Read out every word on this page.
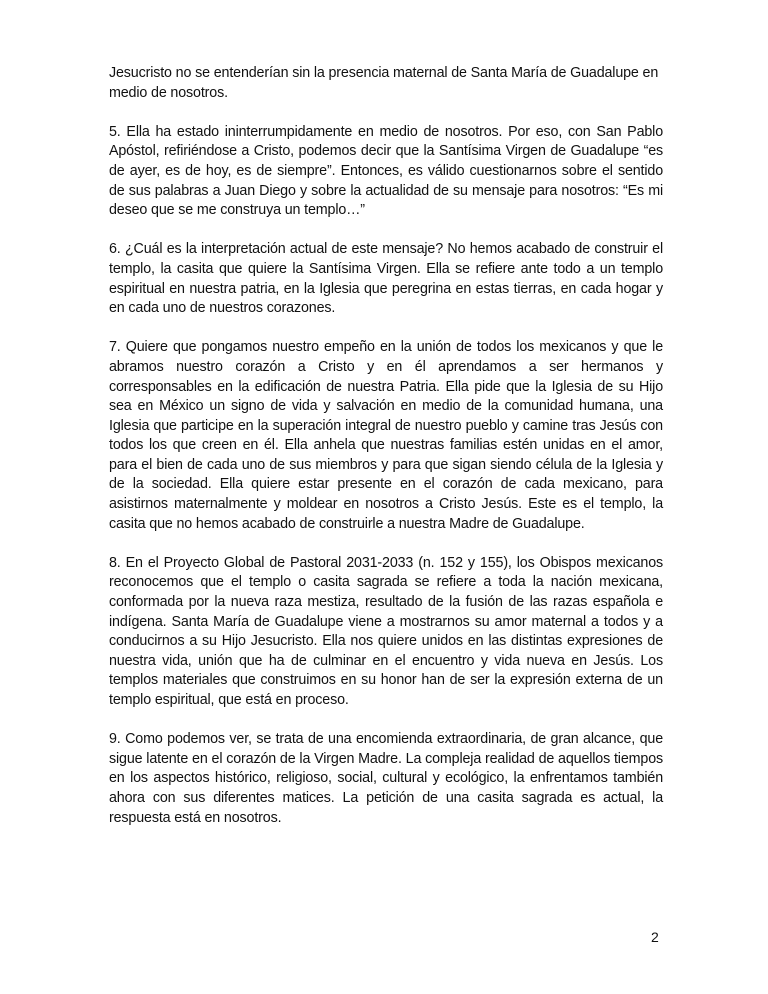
Jesucristo no se entenderían sin la presencia maternal de Santa María de Guadalupe en medio de nosotros.

5. Ella ha estado ininterrumpidamente en medio de nosotros. Por eso, con San Pablo Apóstol, refiriéndose a Cristo, podemos decir que la Santísima Virgen de Guadalupe “es de ayer, es de hoy, es de siempre”. Entonces, es válido cuestionarnos sobre el sentido de sus palabras a Juan Diego y sobre la actualidad de su mensaje para nosotros: “Es mi deseo que se me construya un templo…”

6. ¿Cuál es la interpretación actual de este mensaje? No hemos acabado de construir el templo, la casita que quiere la Santísima Virgen. Ella se refiere ante todo a un templo espiritual en nuestra patria, en la Iglesia que peregrina en estas tierras, en cada hogar y en cada uno de nuestros corazones.

7. Quiere que pongamos nuestro empeño en la unión de todos los mexicanos y que le abramos nuestro corazón a Cristo y en él aprendamos a ser hermanos y corresponsables en la edificación de nuestra Patria. Ella pide que la Iglesia de su Hijo sea en México un signo de vida y salvación en medio de la comunidad humana, una Iglesia que participe en la superación integral de nuestro pueblo y camine tras Jesús con todos los que creen en él. Ella anhela que nuestras familias estén unidas en el amor, para el bien de cada uno de sus miembros y para que sigan siendo célula de la Iglesia y de la sociedad. Ella quiere estar presente en el corazón de cada mexicano, para asistirnos maternalmente y moldear en nosotros a Cristo Jesús. Este es el templo, la casita que no hemos acabado de construirle a nuestra Madre de Guadalupe.

8. En el Proyecto Global de Pastoral 2031-2033 (n. 152 y 155), los Obispos mexicanos reconocemos que el templo o casita sagrada se refiere a toda la nación mexicana, conformada por la nueva raza mestiza, resultado de la fusión de las razas española e indígena. Santa María de Guadalupe viene a mostrarnos su amor maternal a todos y a conducirnos a su Hijo Jesucristo. Ella nos quiere unidos en las distintas expresiones de nuestra vida, unión que ha de culminar en el encuentro y vida nueva en Jesús. Los templos materiales que construimos en su honor han de ser la expresión externa de un templo espiritual, que está en proceso.

9. Como podemos ver, se trata de una encomienda extraordinaria, de gran alcance, que sigue latente en el corazón de la Virgen Madre. La compleja realidad de aquellos tiempos en los aspectos histórico, religioso, social, cultural y ecológico, la enfrentamos también ahora con sus diferentes matices. La petición de una casita sagrada es actual, la respuesta está en nosotros.

2
